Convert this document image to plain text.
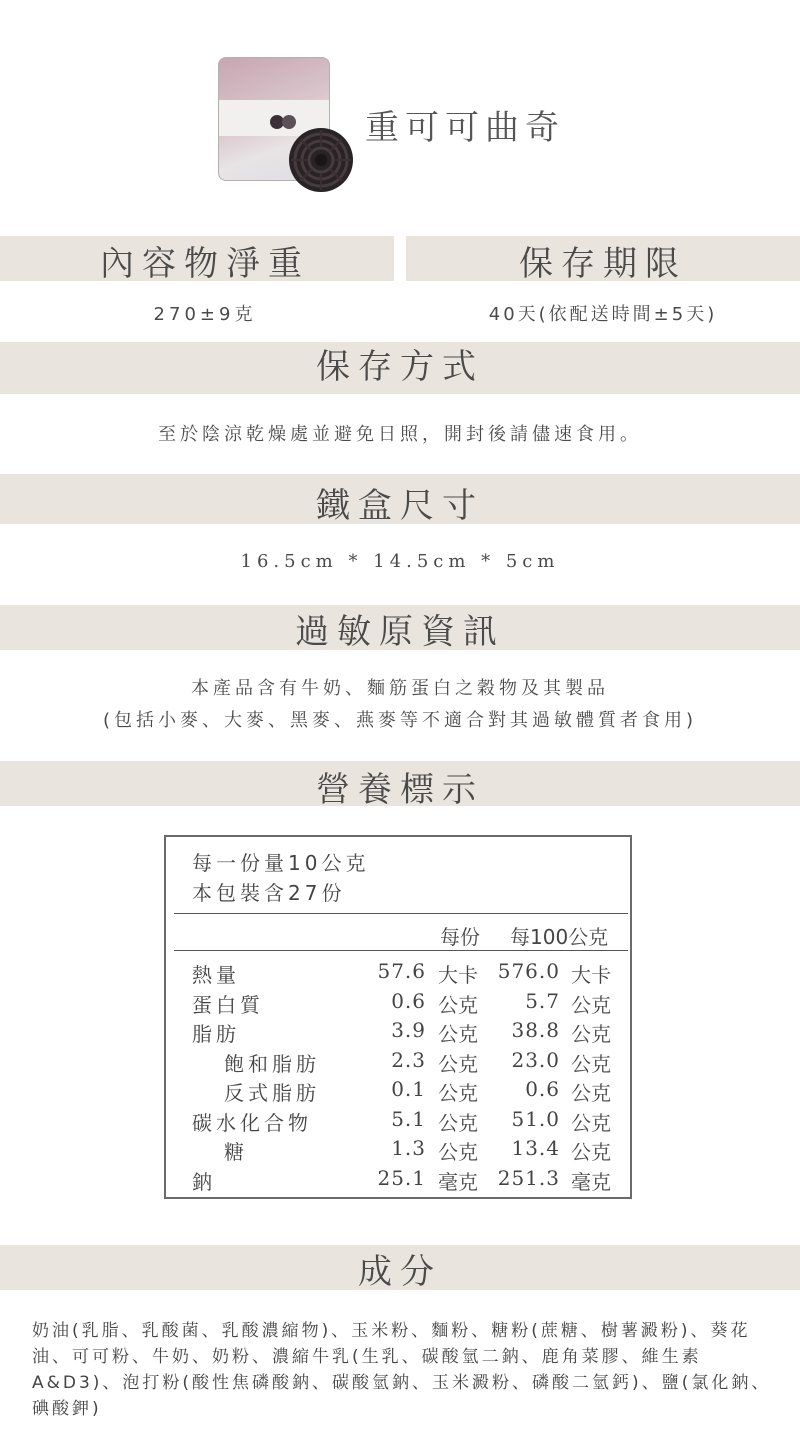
重可可曲奇
內容物淨重	保存期限
270±9克	40天(依配送時間±5天)
保存方式
至於陰涼乾燥處並避免日照，開封後請儘速食用。
鐵盒尺寸
16.5cm * 14.5cm * 5cm
過敏原資訊
本產品含有牛奶、麵筋蛋白之穀物及其製品
(包括小麥、大麥、黑麥、燕麥等不適合對其過敏體質者食用)
營養標示
每一份量10公克
本包裝含27份
每份 每100公克
熱量	57.6 大卡 576.0 大卡
蛋白質	0.6 公克	5.7 公克
脂肪	3.9 公克	38.8 公克
飽和脂肪	2.3 公克	23.0 公克
反式脂肪	0.1 公克	0.6 公克
碳水化合物	5.1 公克	51.0 公克
糖	1.3 公克	13.4 公克
鈉	25.1 毫克 251.3 毫克
成分
奶油(乳脂、乳酸菌、乳酸濃縮物)、玉米粉、麵粉、糖粉(蔗糖、樹薯澱粉)、葵花油、可可粉、牛奶、奶粉、濃縮牛乳(生乳、碳酸氫二鈉、鹿角菜膠、維生素A&D3)、泡打粉(酸性焦磷酸鈉、碳酸氫鈉、玉米澱粉、磷酸二氫鈣)、鹽(氯化鈉、碘酸鉀)
